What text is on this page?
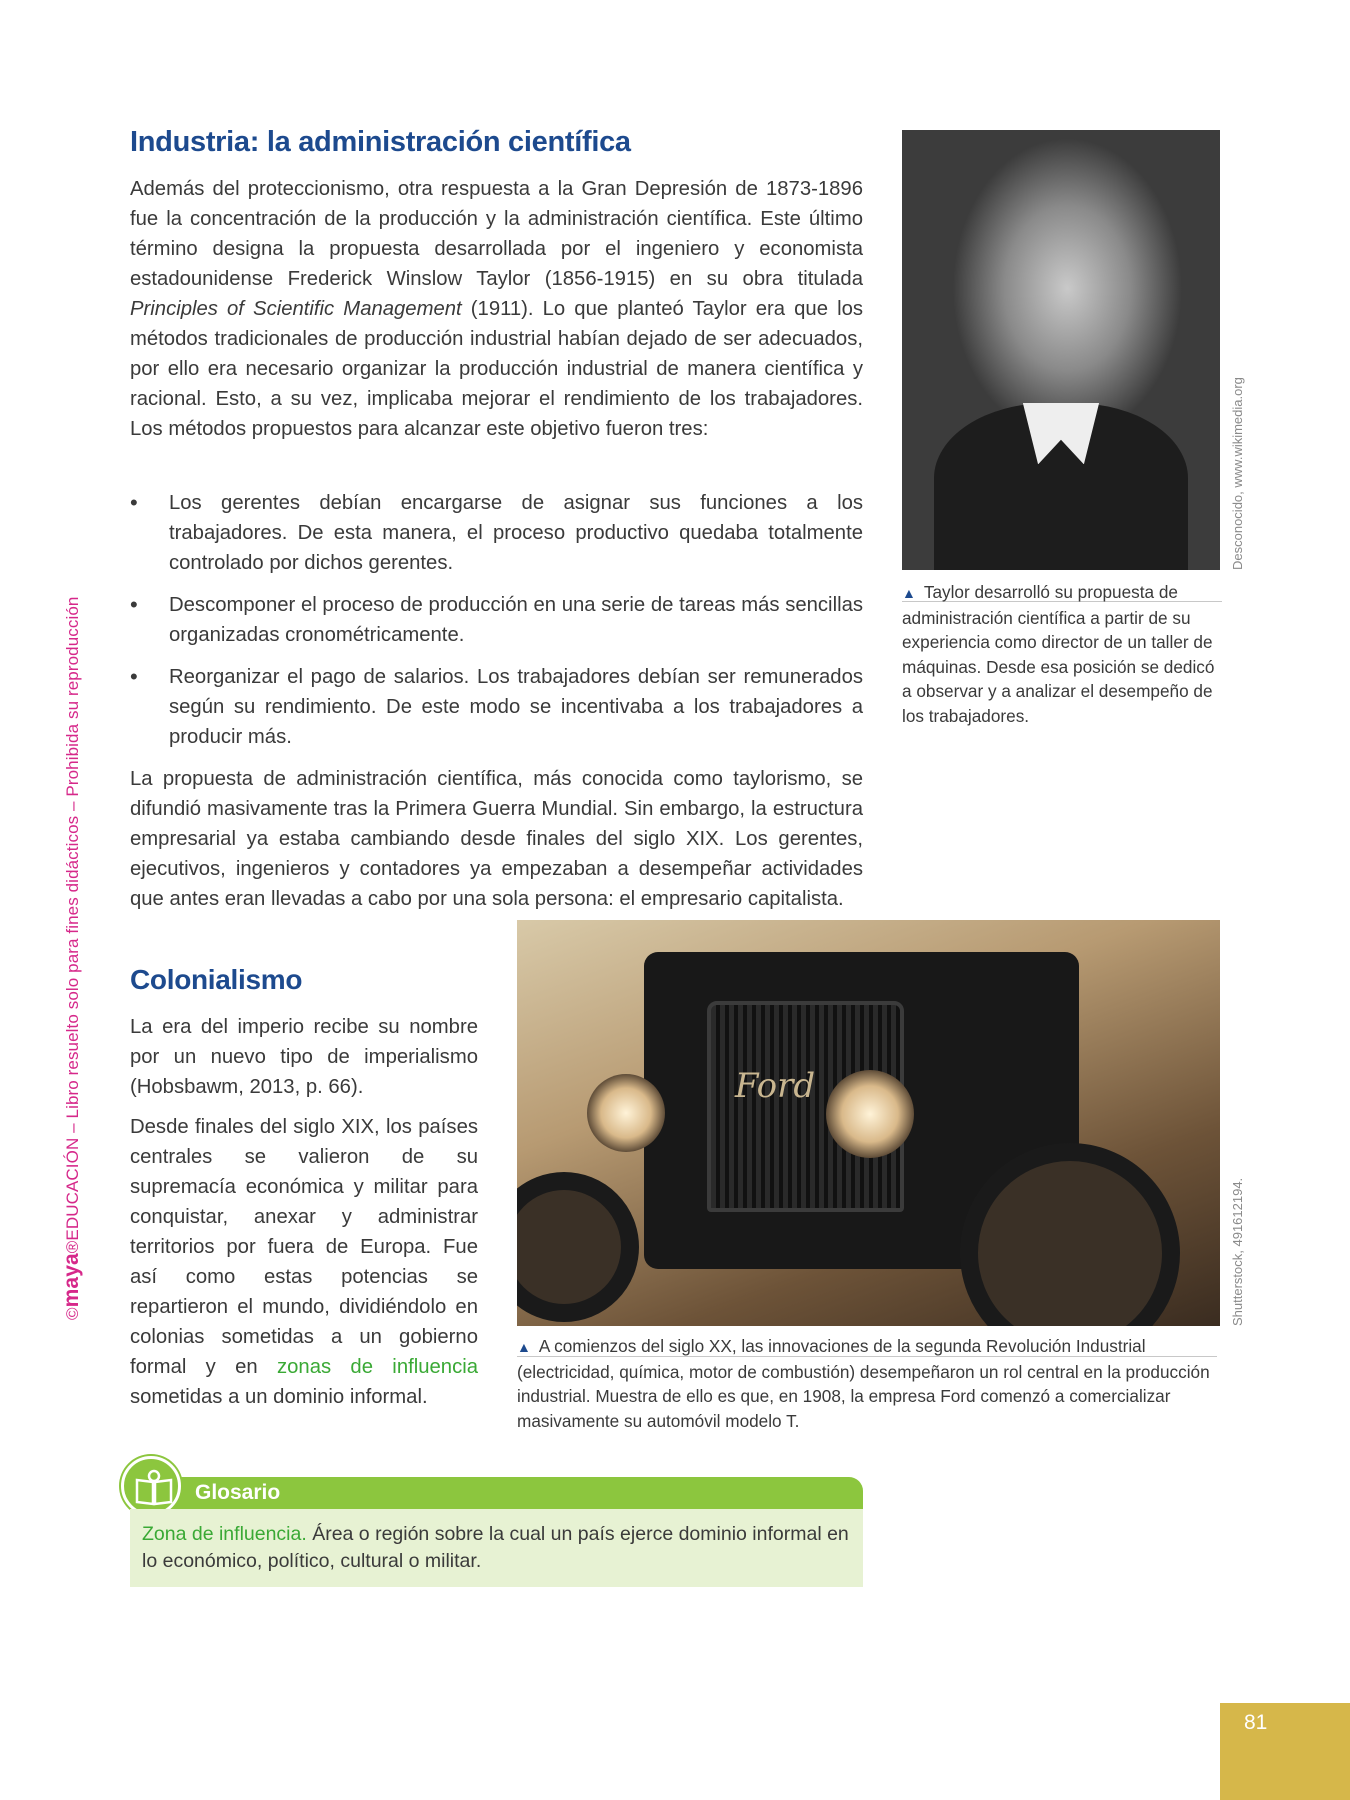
©maya®EDUCACIÓN – Libro resuelto solo para fines didácticos – Prohibida su reproducción
Industria: la administración científica

Además del proteccionismo, otra respuesta a la Gran Depresión de 1873-1896 fue la concentración de la producción y la administración científica. Este último término designa la propuesta desarrollada por el ingeniero y economista estadounidense Frederick Winslow Taylor (1856-1915) en su obra titulada Principles of Scientific Management (1911). Lo que planteó Taylor era que los métodos tradicionales de producción industrial habían dejado de ser adecuados, por ello era necesario organizar la producción industrial de manera científica y racional. Esto, a su vez, implicaba mejorar el rendimiento de los trabajadores. Los métodos propuestos para alcanzar este objetivo fueron tres:

• Los gerentes debían encargarse de asignar sus funciones a los trabajadores. De esta manera, el proceso productivo quedaba totalmente controlado por dichos gerentes.
• Descomponer el proceso de producción en una serie de tareas más sencillas organizadas cronométricamente.
• Reorganizar el pago de salarios. Los trabajadores debían ser remunerados según su rendimiento. De este modo se incentivaba a los trabajadores a producir más.

La propuesta de administración científica, más conocida como taylorismo, se difundió masivamente tras la Primera Guerra Mundial. Sin embargo, la estructura empresarial ya estaba cambiando desde finales del siglo XIX. Los gerentes, ejecutivos, ingenieros y contadores ya empezaban a desempeñar actividades que antes eran llevadas a cabo por una sola persona: el empresario capitalista.

Colonialismo

La era del imperio recibe su nombre por un nuevo tipo de imperialismo (Hobsbawm, 2013, p. 66).

Desde finales del siglo XIX, los países centrales se valieron de su supremacía económica y militar para conquistar, anexar y administrar territorios por fuera de Europa. Fue así como estas potencias se repartieron el mundo, dividiéndolo en colonias sometidas a un gobierno formal y en zonas de influencia sometidas a un dominio informal.

Desconocido, www.wikimedia.org

▲ Taylor desarrolló su propuesta de administración científica a partir de su experiencia como director de un taller de máquinas. Desde esa posición se dedicó a observar y a analizar el desempeño de los trabajadores.

Ford
Shutterstock, 491612194.

▲ A comienzos del siglo XX, las innovaciones de la segunda Revolución Industrial (electricidad, química, motor de combustión) desempeñaron un rol central en la producción industrial. Muestra de ello es que, en 1908, la empresa Ford comenzó a comercializar masivamente su automóvil modelo T.

Glosario
Zona de influencia. Área o región sobre la cual un país ejerce dominio informal en lo económico, político, cultural o militar.
81
